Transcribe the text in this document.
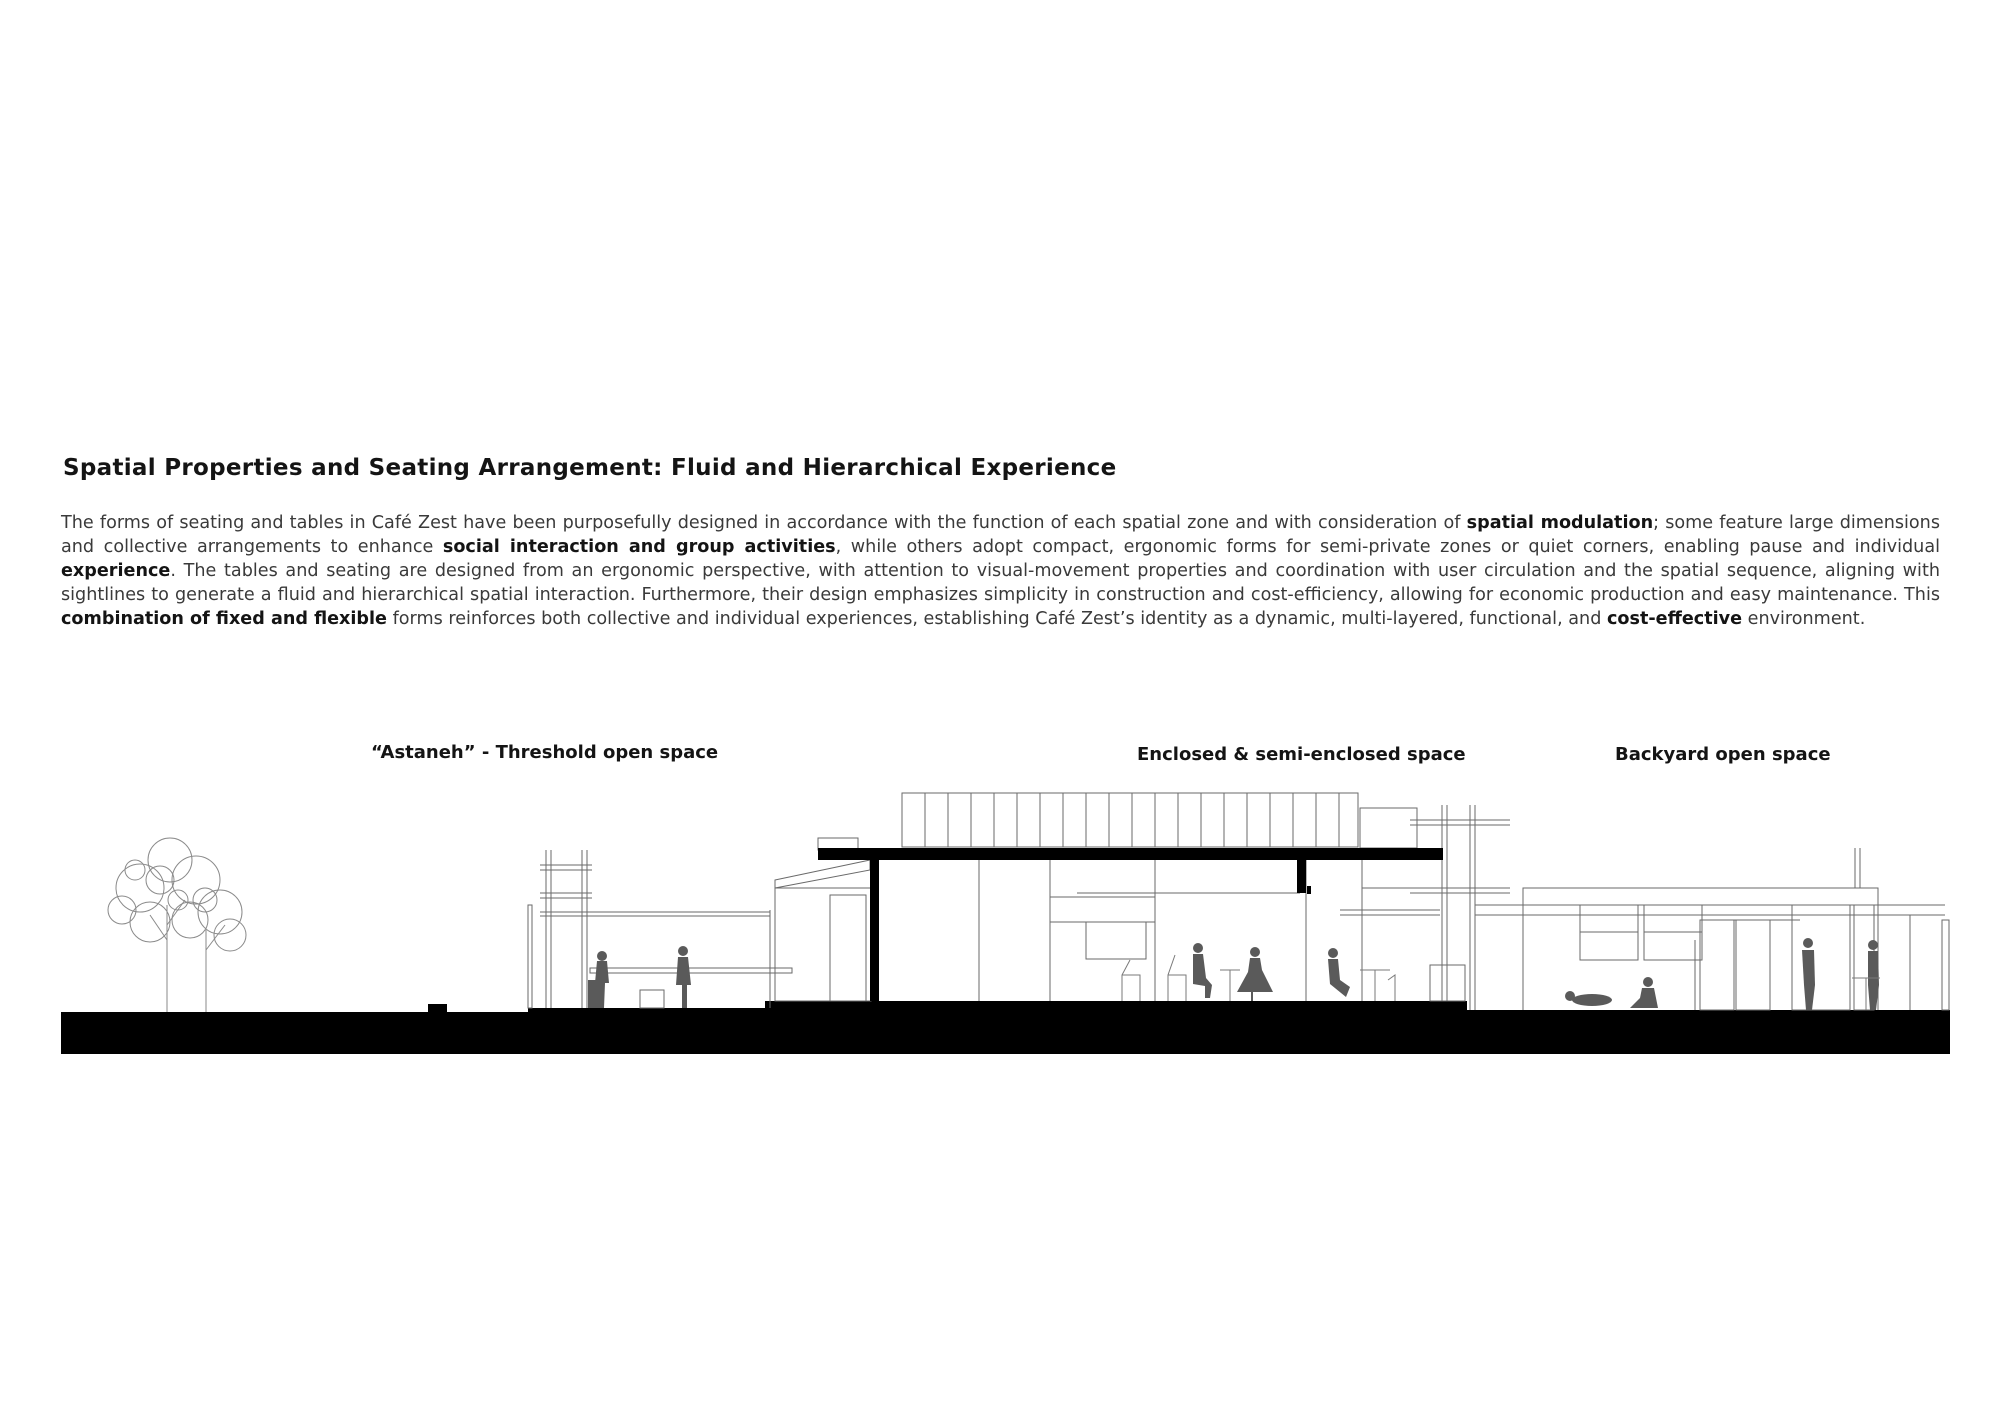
Spatial Properties and Seating Arrangement: Fluid and Hierarchical Experience

The forms of seating and tables in Café Zest have been purposefully designed in accordance with the function of each spatial zone and with consideration of spatial modulation; some feature large dimensions and collective arrangements to enhance social interaction and group activities, while others adopt compact, ergonomic forms for semi-private zones or quiet corners, enabling pause and individual experience. The tables and seating are designed from an ergonomic perspective, with attention to visual-movement properties and coordination with user circulation and the spatial sequence, aligning with sightlines to generate a fluid and hierarchical spatial interaction. Furthermore, their design emphasizes simplicity in construction and cost-efficiency, allowing for economic production and easy maintenance. This combination of fixed and flexible forms reinforces both collective and individual experiences, establishing Café Zest’s identity as a dynamic, multi-layered, functional, and cost-effective environment.

“Astaneh” - Threshold open space	Enclosed & semi-enclosed space	Backyard open space
